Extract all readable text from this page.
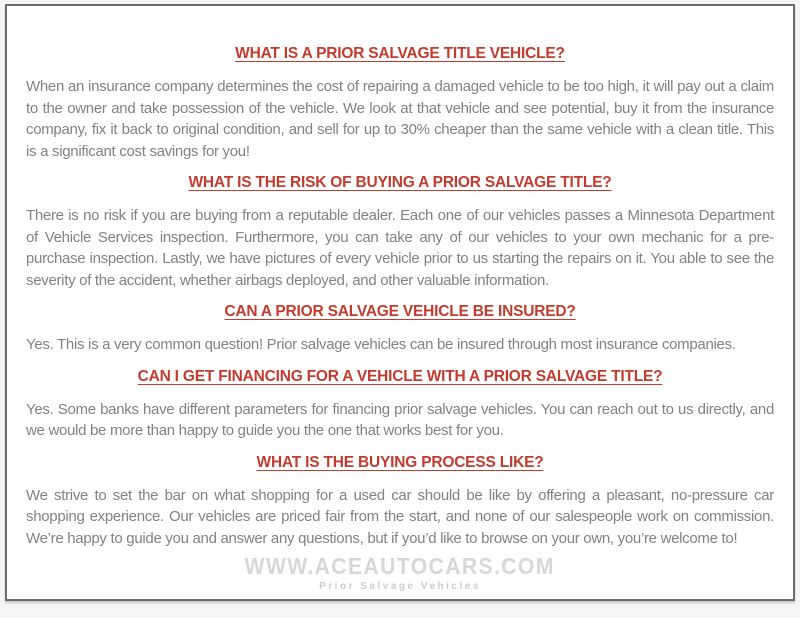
WHAT IS A PRIOR SALVAGE TITLE VEHICLE?

When an insurance company determines the cost of repairing a damaged vehicle to be too high, it will pay out a claim to the owner and take possession of the vehicle. We look at that vehicle and see potential, buy it from the insurance company, fix it back to original condition, and sell for up to 30% cheaper than the same vehicle with a clean title. This is a significant cost savings for you!

WHAT IS THE RISK OF BUYING A PRIOR SALVAGE TITLE?

There is no risk if you are buying from a reputable dealer. Each one of our vehicles passes a Minnesota Department of Vehicle Services inspection. Furthermore, you can take any of our vehicles to your own mechanic for a pre-purchase inspection. Lastly, we have pictures of every vehicle prior to us starting the repairs on it. You able to see the severity of the accident, whether airbags deployed, and other valuable information.

CAN A PRIOR SALVAGE VEHICLE BE INSURED?

Yes. This is a very common question! Prior salvage vehicles can be insured through most insurance companies.

CAN I GET FINANCING FOR A VEHICLE WITH A PRIOR SALVAGE TITLE?

Yes. Some banks have different parameters for financing prior salvage vehicles. You can reach out to us directly, and we would be more than happy to guide you the one that works best for you.

WHAT IS THE BUYING PROCESS LIKE?

We strive to set the bar on what shopping for a used car should be like by offering a pleasant, no-pressure car shopping experience. Our vehicles are priced fair from the start, and none of our salespeople work on commission. We’re happy to guide you and answer any questions, but if you’d like to browse on your own, you’re welcome to!

WWW.ACEAUTOCARS.COM
Prior Salvage Vehicles
